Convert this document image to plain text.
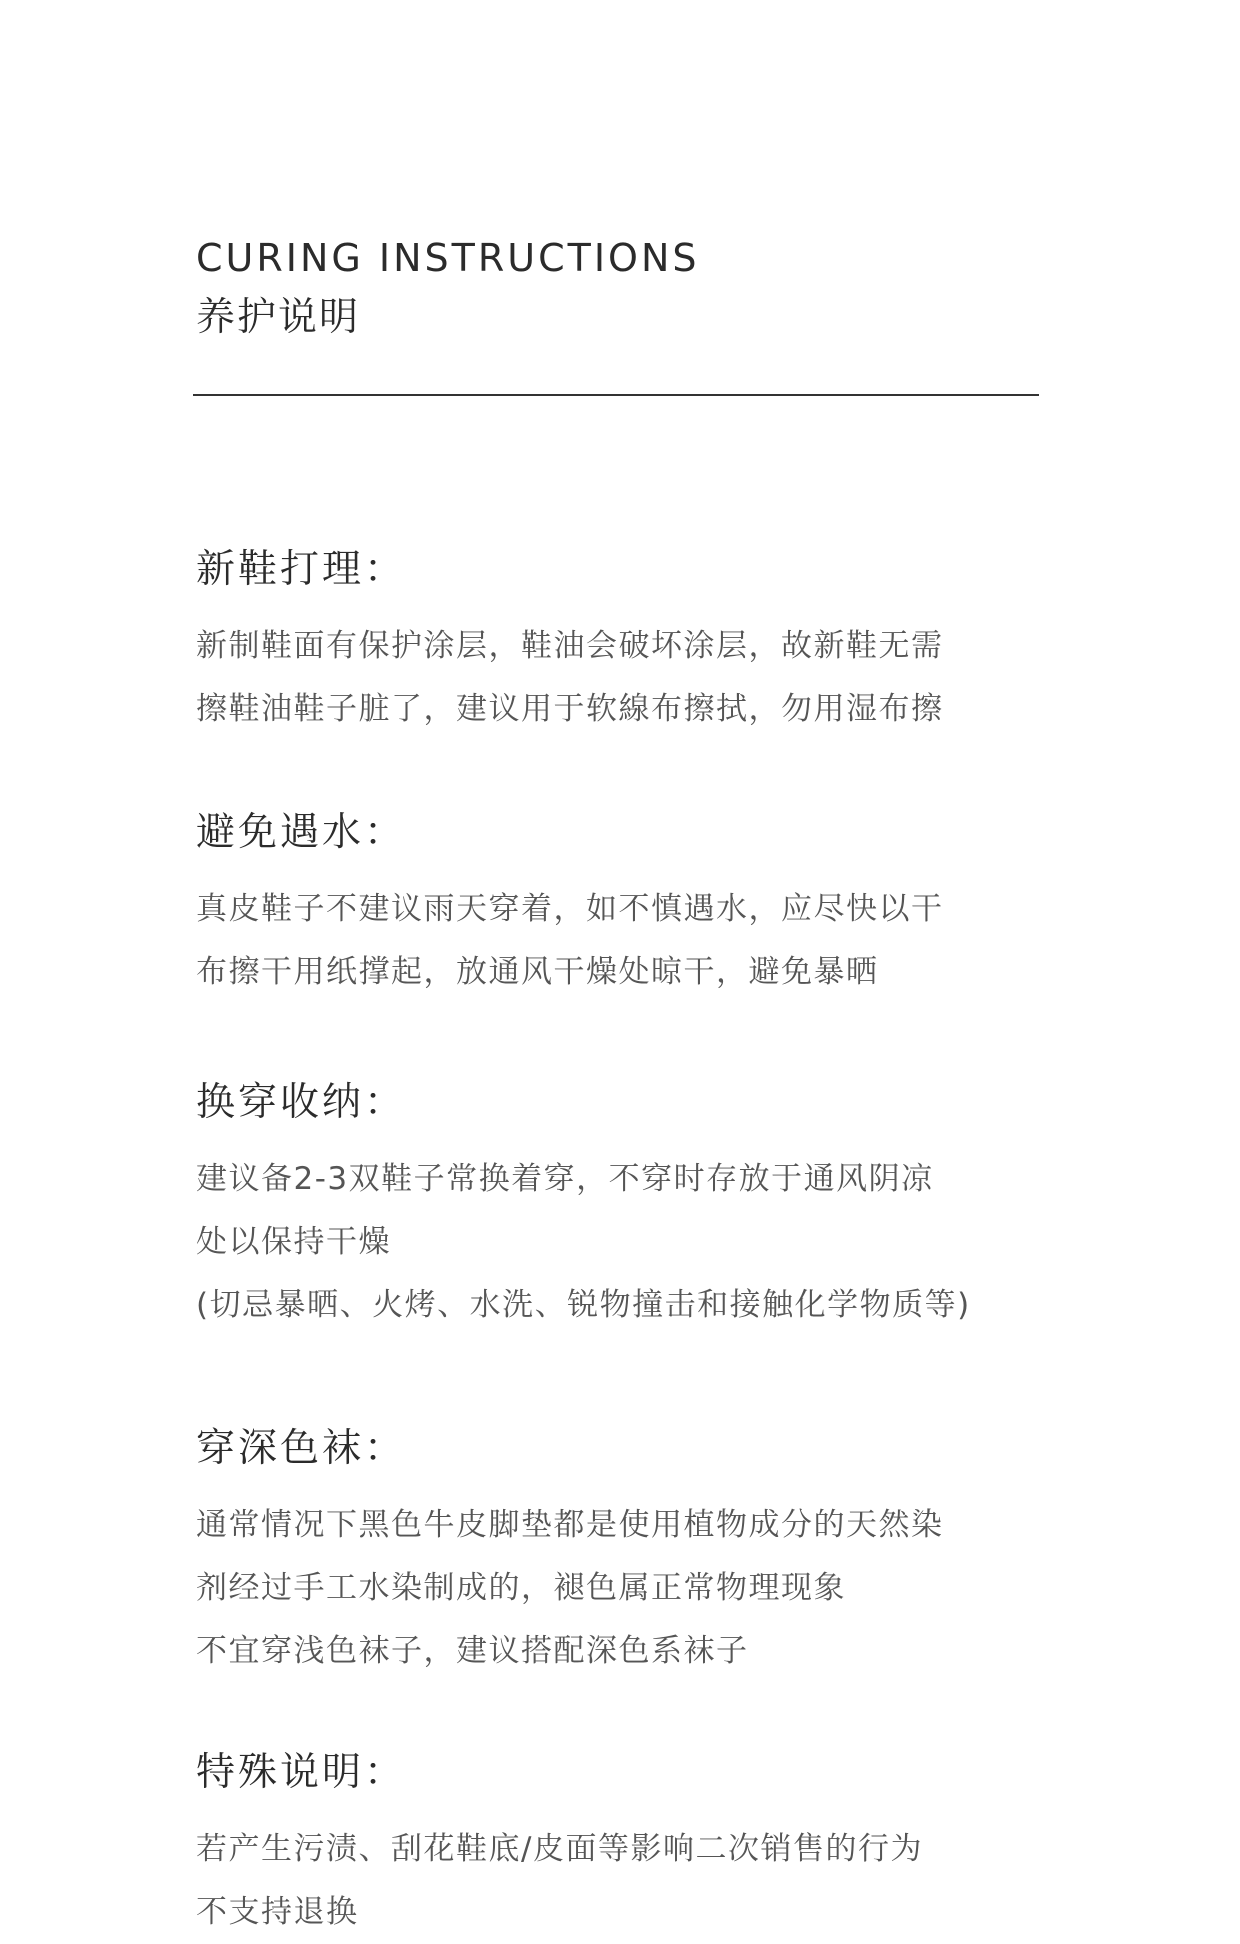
CURING INSTRUCTIONS
养护说明
新鞋打理：
新制鞋面有保护涂层，鞋油会破坏涂层，故新鞋无需
擦鞋油鞋子脏了，建议用于软線布擦拭，勿用湿布擦
避免遇水：
真皮鞋子不建议雨天穿着，如不慎遇水，应尽快以干
布擦干用纸撑起，放通风干燥处晾干，避免暴晒
换穿收纳：
建议备2-3双鞋子常换着穿，不穿时存放于通风阴凉
处以保持干燥
(切忌暴晒、火烤、水洗、锐物撞击和接触化学物质等)
穿深色袜：
通常情况下黑色牛皮脚垫都是使用植物成分的天然染
剂经过手工水染制成的，褪色属正常物理现象
不宜穿浅色袜子，建议搭配深色系袜子
特殊说明：
若产生污渍、刮花鞋底/皮面等影响二次销售的行为
不支持退换
